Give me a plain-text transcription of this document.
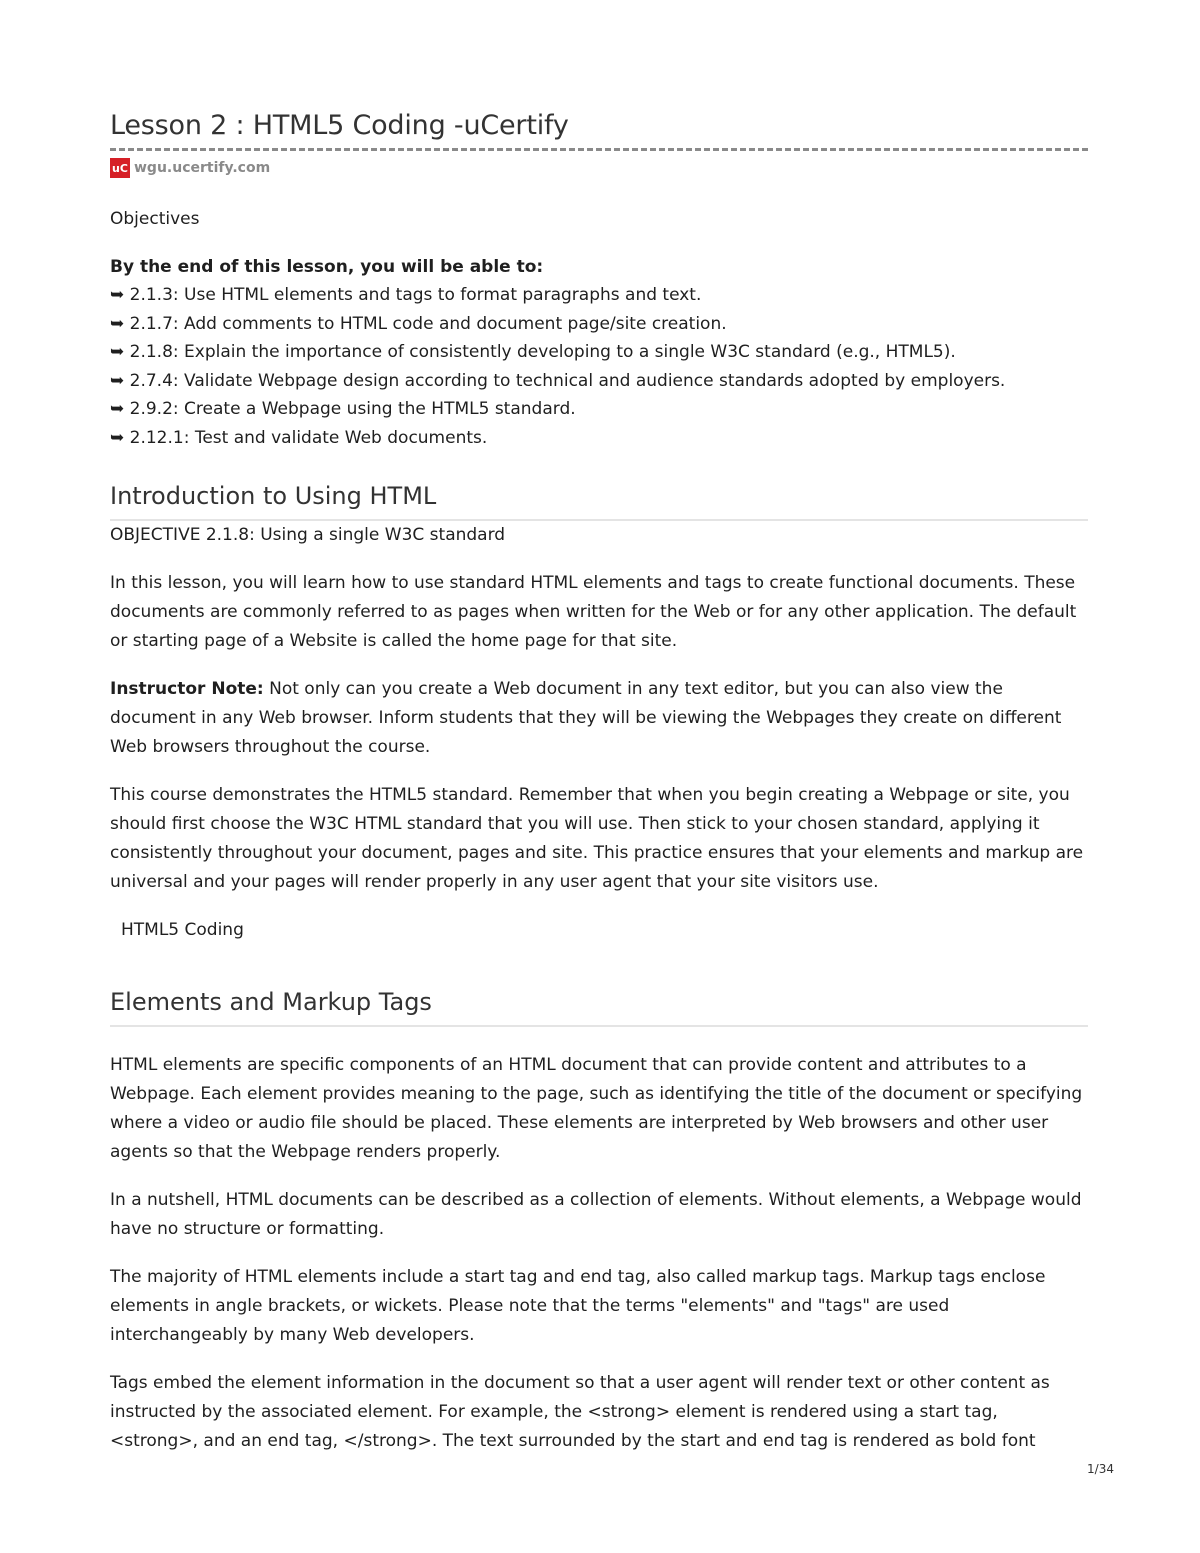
Lesson 2 : HTML5 Coding -uCertify
uC wgu.ucertify.com
Objectives
By the end of this lesson, you will be able to:
➥ 2.1.3: Use HTML elements and tags to format paragraphs and text.
➥ 2.1.7: Add comments to HTML code and document page/site creation.
➥ 2.1.8: Explain the importance of consistently developing to a single W3C standard (e.g., HTML5).
➥ 2.7.4: Validate Webpage design according to technical and audience standards adopted by employers.
➥ 2.9.2: Create a Webpage using the HTML5 standard.
➥ 2.12.1: Test and validate Web documents.
Introduction to Using HTML

OBJECTIVE 2.1.8: Using a single W3C standard

In this lesson, you will learn how to use standard HTML elements and tags to create functional documents. These documents are commonly referred to as pages when written for the Web or for any other application. The default or starting page of a Website is called the home page for that site.

Instructor Note: Not only can you create a Web document in any text editor, but you can also view the document in any Web browser. Inform students that they will be viewing the Webpages they create on different Web browsers throughout the course.

This course demonstrates the HTML5 standard. Remember that when you begin creating a Webpage or site, you should first choose the W3C HTML standard that you will use. Then stick to your chosen standard, applying it consistently throughout your document, pages and site. This practice ensures that your elements and markup are universal and your pages will render properly in any user agent that your site visitors use.

HTML5 Coding
Elements and Markup Tags

HTML elements are specific components of an HTML document that can provide content and attributes to a Webpage. Each element provides meaning to the page, such as identifying the title of the document or specifying where a video or audio file should be placed. These elements are interpreted by Web browsers and other user agents so that the Webpage renders properly.

In a nutshell, HTML documents can be described as a collection of elements. Without elements, a Webpage would have no structure or formatting.

The majority of HTML elements include a start tag and end tag, also called markup tags. Markup tags enclose elements in angle brackets, or wickets. Please note that the terms "elements" and "tags" are used interchangeably by many Web developers.

Tags embed the element information in the document so that a user agent will render text or other content as instructed by the associated element. For example, the <strong> element is rendered using a start tag, <strong>, and an end tag, </strong>. The text surrounded by the start and end tag is rendered as bold font

1/34
